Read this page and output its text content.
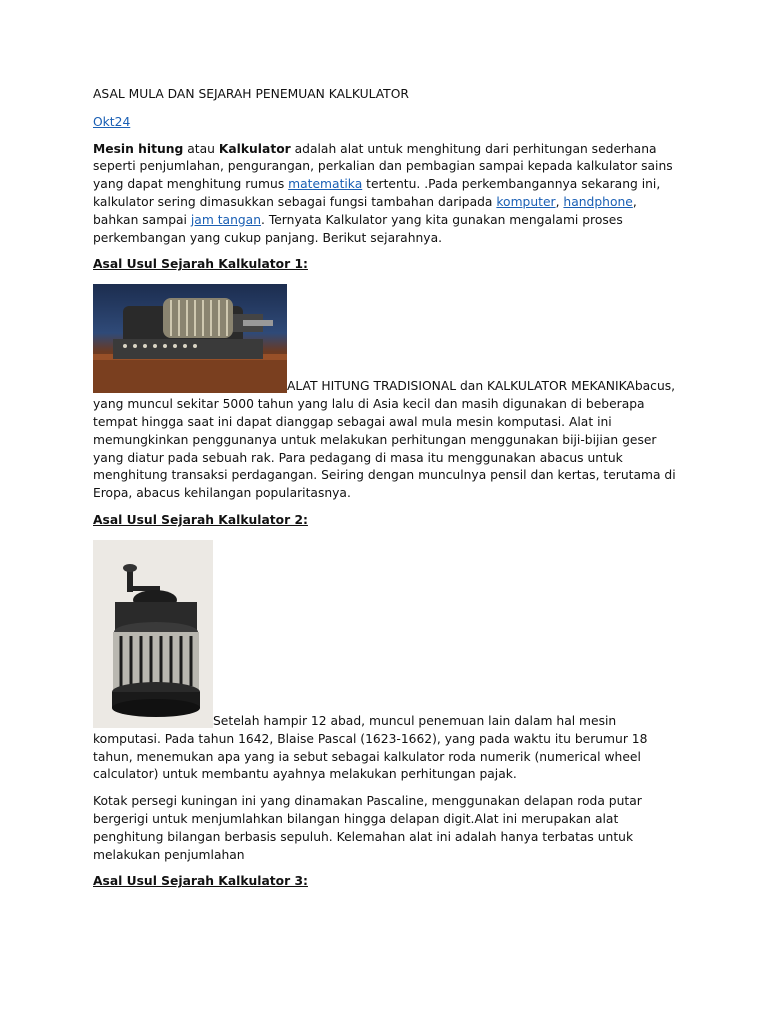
ASAL MULA DAN SEJARAH PENEMUAN KALKULATOR

Okt24

Mesin hitung atau Kalkulator adalah alat untuk menghitung dari perhitungan sederhana seperti penjumlahan, pengurangan, perkalian dan pembagian sampai kepada kalkulator sains yang dapat menghitung rumus matematika tertentu. .Pada perkembangannya sekarang ini, kalkulator sering dimasukkan sebagai fungsi tambahan daripada komputer, handphone, bahkan sampai jam tangan. Ternyata Kalkulator yang kita gunakan mengalami proses perkembangan yang cukup panjang. Berikut sejarahnya.

Asal Usul Sejarah Kalkulator 1:

ALAT HITUNG TRADISIONAL dan KALKULATOR MEKANIKAbacus, yang muncul sekitar 5000 tahun yang lalu di Asia kecil dan masih digunakan di beberapa tempat hingga saat ini dapat dianggap sebagai awal mula mesin komputasi. Alat ini memungkinkan penggunanya untuk melakukan perhitungan menggunakan biji-bijian geser yang diatur pada sebuah rak. Para pedagang di masa itu menggunakan abacus untuk menghitung transaksi perdagangan. Seiring dengan munculnya pensil dan kertas, terutama di Eropa, abacus kehilangan popularitasnya.

Asal Usul Sejarah Kalkulator 2:

Setelah hampir 12 abad, muncul penemuan lain dalam hal mesin komputasi. Pada tahun 1642, Blaise Pascal (1623-1662), yang pada waktu itu berumur 18 tahun, menemukan apa yang ia sebut sebagai kalkulator roda numerik (numerical wheel calculator) untuk membantu ayahnya melakukan perhitungan pajak.

Kotak persegi kuningan ini yang dinamakan Pascaline, menggunakan delapan roda putar bergerigi untuk menjumlahkan bilangan hingga delapan digit.Alat ini merupakan alat penghitung bilangan berbasis sepuluh. Kelemahan alat ini adalah hanya terbatas untuk melakukan penjumlahan

Asal Usul Sejarah Kalkulator 3:
